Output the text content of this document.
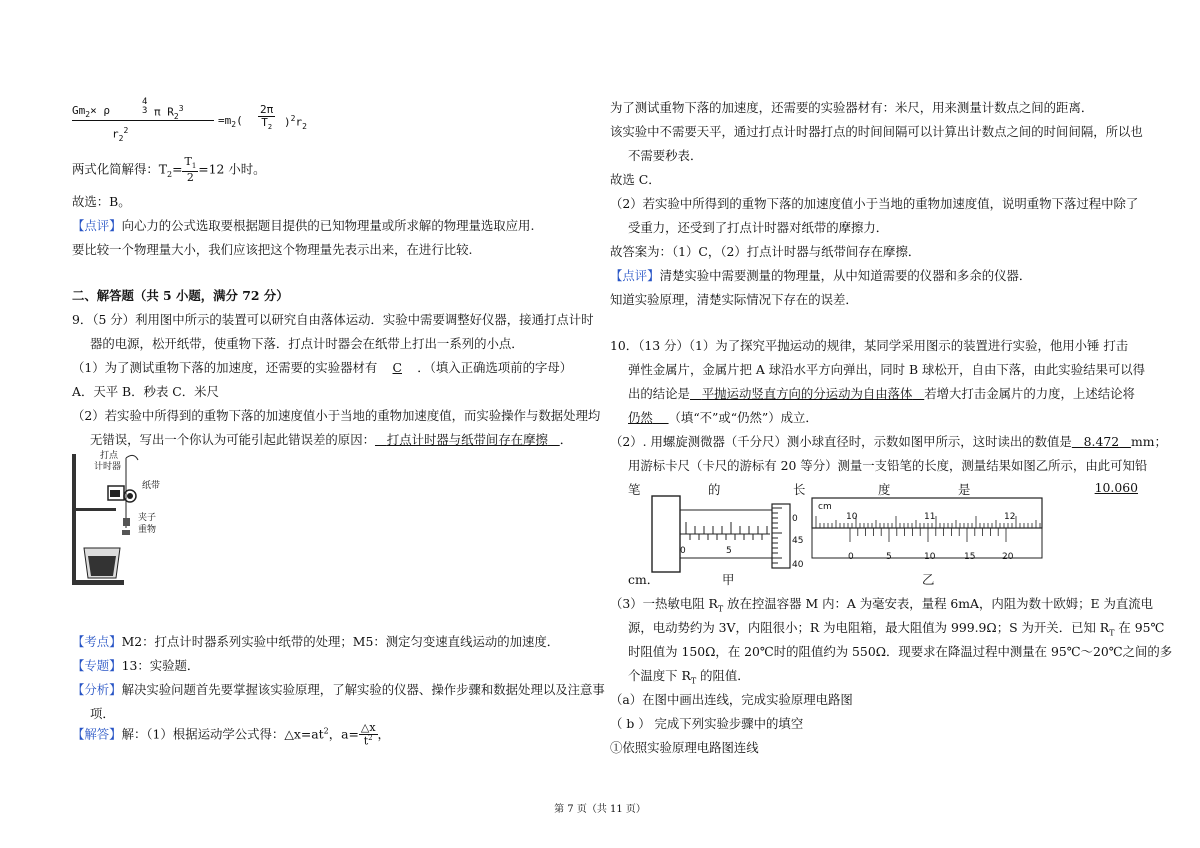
$Gm_2\times \rho$
4
3 π $R_2^3$
$r_2^2$
$=m_2( \frac{2\pi}{T_2} )^2r_2$
两式化简解得：$T_2= \frac{T_1}{2} =12$ 小时。
故选：B。
【点评】向心力的公式选取要根据题目提供的已知物理量或所求解的物理量选取应用.
要比较一个物理量大小，我们应该把这个物理量先表示出来，在进行比较.
二、解答题（共 5 小题，满分 72 分）
9．（5 分）利用图中所示的装置可以研究自由落体运动．实验中需要调整好仪器，接通打点计时
器的电源，松开纸带，使重物下落．打点计时器会在纸带上打出一系列的小点．
（1）为了测试重物下落的加速度，还需要的实验器材有 C ．（填入正确选项前的字母）
A．天平 B．秒表 C．米尺
（2）若实验中所得到的重物下落的加速度值小于当地的重物加速度值，而实验操作与数据处理均
无错误，写出一个你认为可能引起此错误差的原因： 打点计时器与纸带间存在摩擦 ．
打点
计时器
纸带
夹子
重物
【考点】M2：打点计时器系列实验中纸带的处理；M5：测定匀变速直线运动的加速度．
【专题】13：实验题．
【分析】解决实验问题首先要掌握该实验原理，了解实验的仪器、操作步骤和数据处理以及注意事
项．
【解答】解：（1）根据运动学公式得：$\triangle x=at^2$，$a= \frac{\triangle x}{t^2}$ ，
为了测试重物下落的加速度，还需要的实验器材有：米尺，用来测量计数点之间的距离．
该实验中不需要天平，通过打点计时器打点的时间间隔可以计算出计数点之间的时间间隔，所以也
不需要秒表．
故选 C．
（2）若实验中所得到的重物下落的加速度值小于当地的重物加速度值，说明重物下落过程中除了
受重力，还受到了打点计时器对纸带的摩擦力．
故答案为：（1）C，（2）打点计时器与纸带间存在摩擦．
【点评】清楚实验中需要测量的物理量，从中知道需要的仪器和多余的仪器．
知道实验原理，清楚实际情况下存在的误差．
10．（13 分）（1）为了探究平抛运动的规律，某同学采用图示的装置进行实验，他用小锤 打击
弹性金属片，金属片把 A 球沿水平方向弹出，同时 B 球松开，自由下落，由此实验结果可以得
出的结论是 平抛运动竖直方向的分运动为自由落体 若增大打击金属片的力度，上述结论将
仍然 （填“不”或“仍然”）成立．
（2）. 用螺旋测微器（千分尺）测小球直径时，示数如图甲所示，这时读出的数值是 8.472 mm；
用游标卡尺（卡尺的游标有 20 等分）测量一支铅笔的长度，测量结果如图乙所示，由此可知铅
笔	的	长	度	是	10.060
0	5
0
45
40
cm．	甲
cm
10	11	12
0	5	10	15	20
乙
（3）一热敏电阻 $R_T$ 放在控温容器 M 内：A 为毫安表，量程 6mA，内阻为数十欧姆；E 为直流电
源，电动势约为 3V，内阻很小；R 为电阻箱，最大阻值为 999.9Ω；S 为开关．已知 $R_T$ 在 95℃
时阻值为 150Ω，在 20℃时的阻值约为 550Ω．现要求在降温过程中测量在 95℃～20℃之间的多
个温度下 $R_T$ 的阻值．
（a）在图中画出连线，完成实验原理电路图
（ b ） 完成下列实验步骤中的填空
①依照实验原理电路图连线
第 7 页（共 11 页）
